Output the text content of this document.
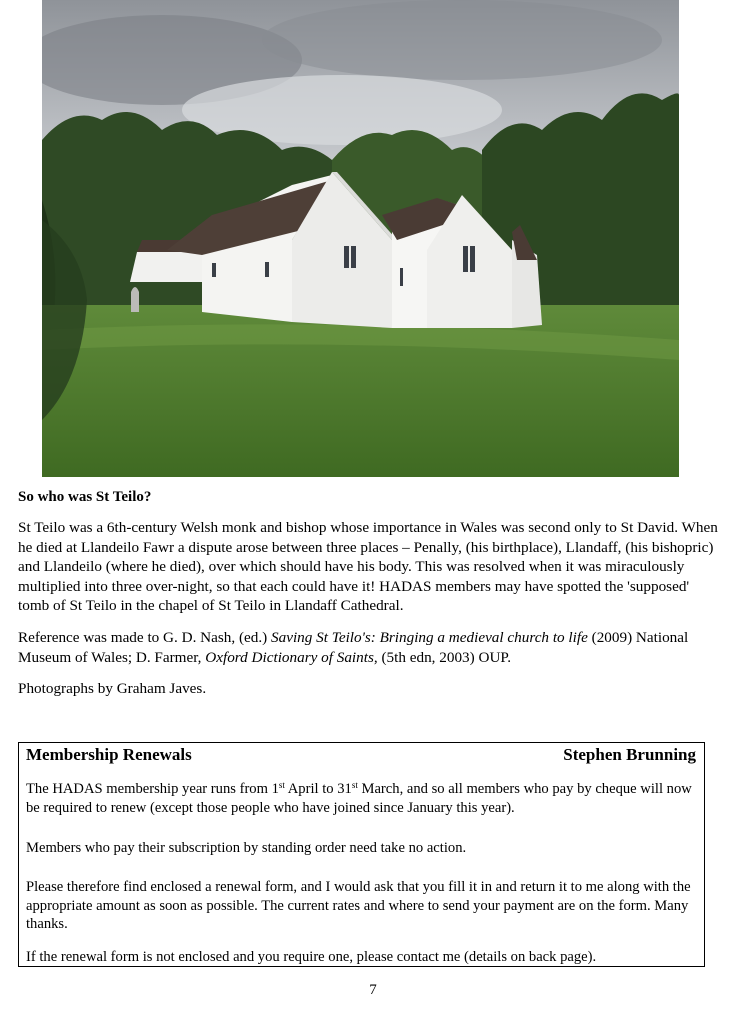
So who was St Teilo?

St Teilo was a 6th-century Welsh monk and bishop whose importance in Wales was second only to St David. When he died at Llandeilo Fawr a dispute arose between three places – Penally, (his birthplace), Llandaff, (his bishopric) and Llandeilo (where he died), over which should have his body. This was resolved when it was miraculously multiplied into three over-night, so that each could have it! HADAS members may have spotted the 'supposed' tomb of St Teilo in the chapel of St Teilo in Llandaff Cathedral.

Reference was made to G. D. Nash, (ed.) Saving St Teilo's: Bringing a medieval church to life (2009) National Museum of Wales; D. Farmer, Oxford Dictionary of Saints, (5th edn, 2003) OUP.

Photographs by Graham Javes.

Membership Renewals	Stephen Brunning

The HADAS membership year runs from 1st April to 31st March, and so all members who pay by cheque will now be required to renew (except those people who have joined since January this year).

Members who pay their subscription by standing order need take no action.

Please therefore find enclosed a renewal form, and I would ask that you fill it in and return it to me along with the appropriate amount as soon as possible. The current rates and where to send your payment are on the form. Many thanks.

If the renewal form is not enclosed and you require one, please contact me (details on back page).

7
